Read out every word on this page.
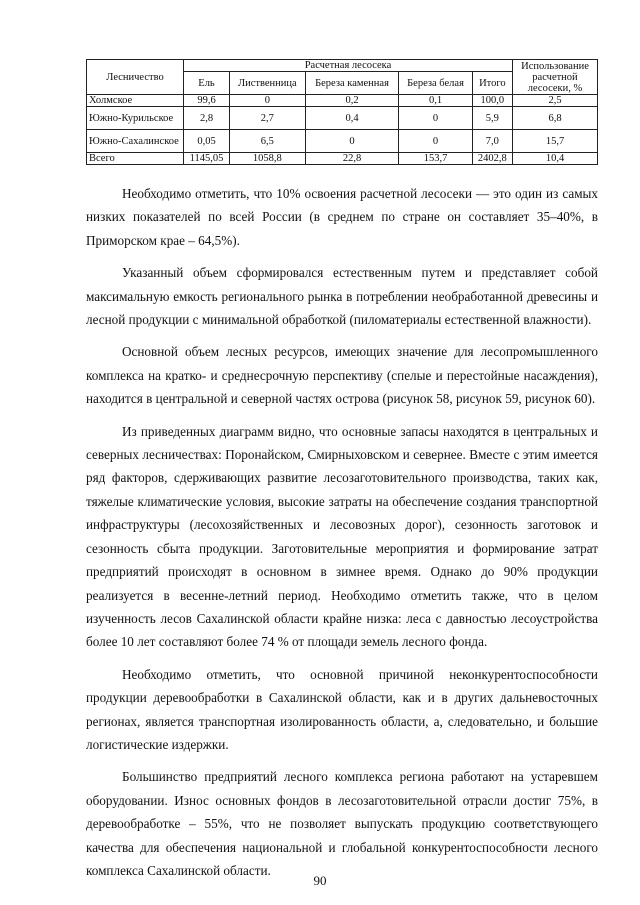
Лесничество	Расчетная лесосека					Использование расчетной лесосеки, %
	Ель	Лиственница	Береза каменная	Береза белая	Итого	
Холмское	99,6	0	0,2	0,1	100,0	2,5
Южно-Курильское	2,8	2,7	0,4	0	5,9	6,8
Южно-Сахалинское	0,05	6,5	0	0	7,0	15,7
Всего	1145,05	1058,8	22,8	153,7	2402,8	10,4

Необходимо отметить, что 10% освоения расчетной лесосеки — это один из самых низких показателей по всей России (в среднем по стране он составляет 35–40%, в Приморском крае – 64,5%).

Указанный объем сформировался естественным путем и представляет собой максимальную емкость регионального рынка в потреблении необработанной древесины и лесной продукции с минимальной обработкой (пиломатериалы естественной влажности).

Основной объем лесных ресурсов, имеющих значение для лесопромышленного комплекса на кратко- и среднесрочную перспективу (спелые и перестойные насаждения), находится в центральной и северной частях острова (рисунок 58, рисунок 59, рисунок 60).

Из приведенных диаграмм видно, что основные запасы находятся в центральных и северных лесничествах: Поронайском, Смирныховском и севернее. Вместе с этим имеется ряд факторов, сдерживающих развитие лесозаготовительного производства, таких как, тяжелые климатические условия, высокие затраты на обеспечение создания транспортной инфраструктуры (лесохозяйственных и лесовозных дорог), сезонность заготовок и сезонность сбыта продукции. Заготовительные мероприятия и формирование затрат предприятий происходят в основном в зимнее время. Однако до 90% продукции реализуется в весенне-летний период. Необходимо отметить также, что в целом изученность лесов Сахалинской области крайне низка: леса с давностью лесоустройства более 10 лет составляют более 74 % от площади земель лесного фонда.

Необходимо отметить, что основной причиной неконкурентоспособности продукции деревообработки в Сахалинской области, как и в других дальневосточных регионах, является транспортная изолированность области, а, следовательно, и большие логистические издержки.

Большинство предприятий лесного комплекса региона работают на устаревшем оборудовании. Износ основных фондов в лесозаготовительной отрасли достиг 75%, в деревообработке – 55%, что не позволяет выпускать продукцию соответствующего качества для обеспечения национальной и глобальной конкурентоспособности лесного комплекса Сахалинской области.

90
